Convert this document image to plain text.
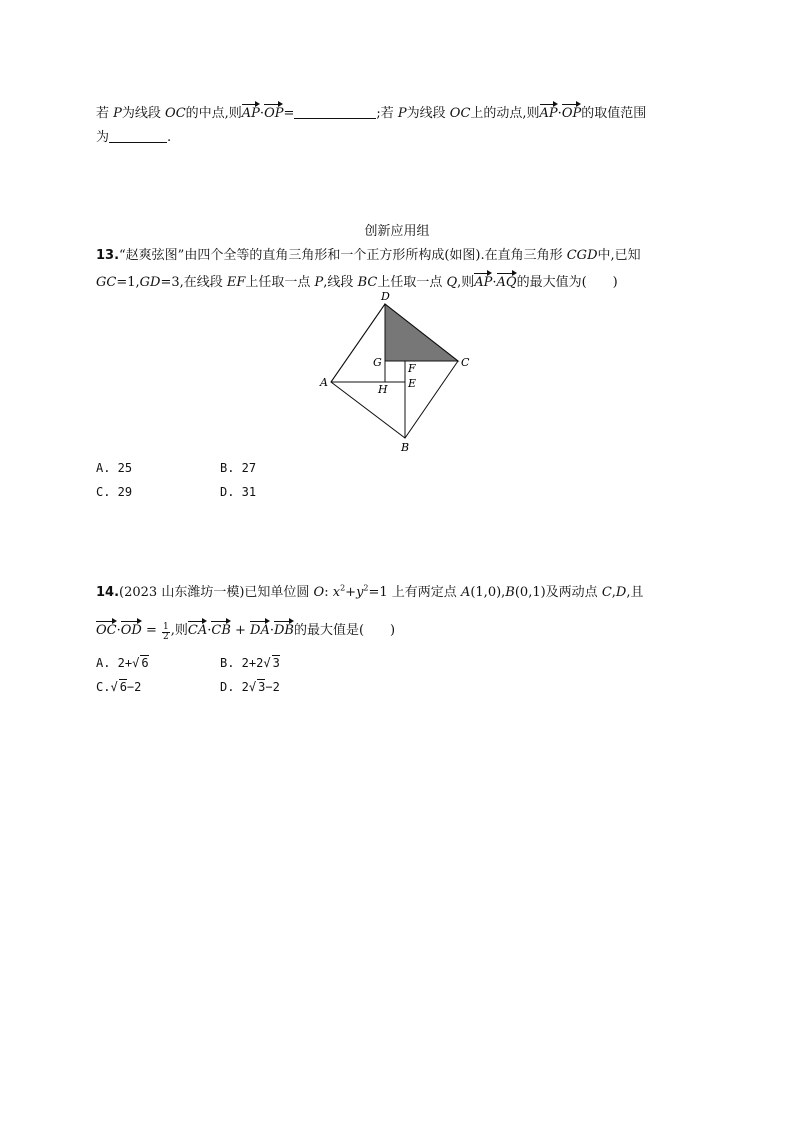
若 P为线段 OC的中点,则AP·OP=	;若 P为线段 OC上的动点,则AP·OP的取值范围
为	.
创新应用组
13.“赵爽弦图”由四个全等的直角三角形和一个正方形所构成(如图).在直角三角形 CGD中,已知
GC=1,GD=3,在线段 EF上任取一点 P,线段 BC上任取一点 Q,则AP·AQ的最大值为(　　)
D
G	C
F
A
H E
B
A. 25	B. 27
C. 29	D. 31
14.(2023 山东潍坊一模)已知单位圆 O: $x^2+y^2=1$ 上有两定点 A(1,0),B(0,1)及两动点 C,D,且
$OC\cdot OD = \frac{1}{2}$ ,则CA·CB + DA·DB的最大值是(　　)
A. 2+√ 6	B. 2+2√ 3
C.√ 6−2	D. 2√ 3−2
